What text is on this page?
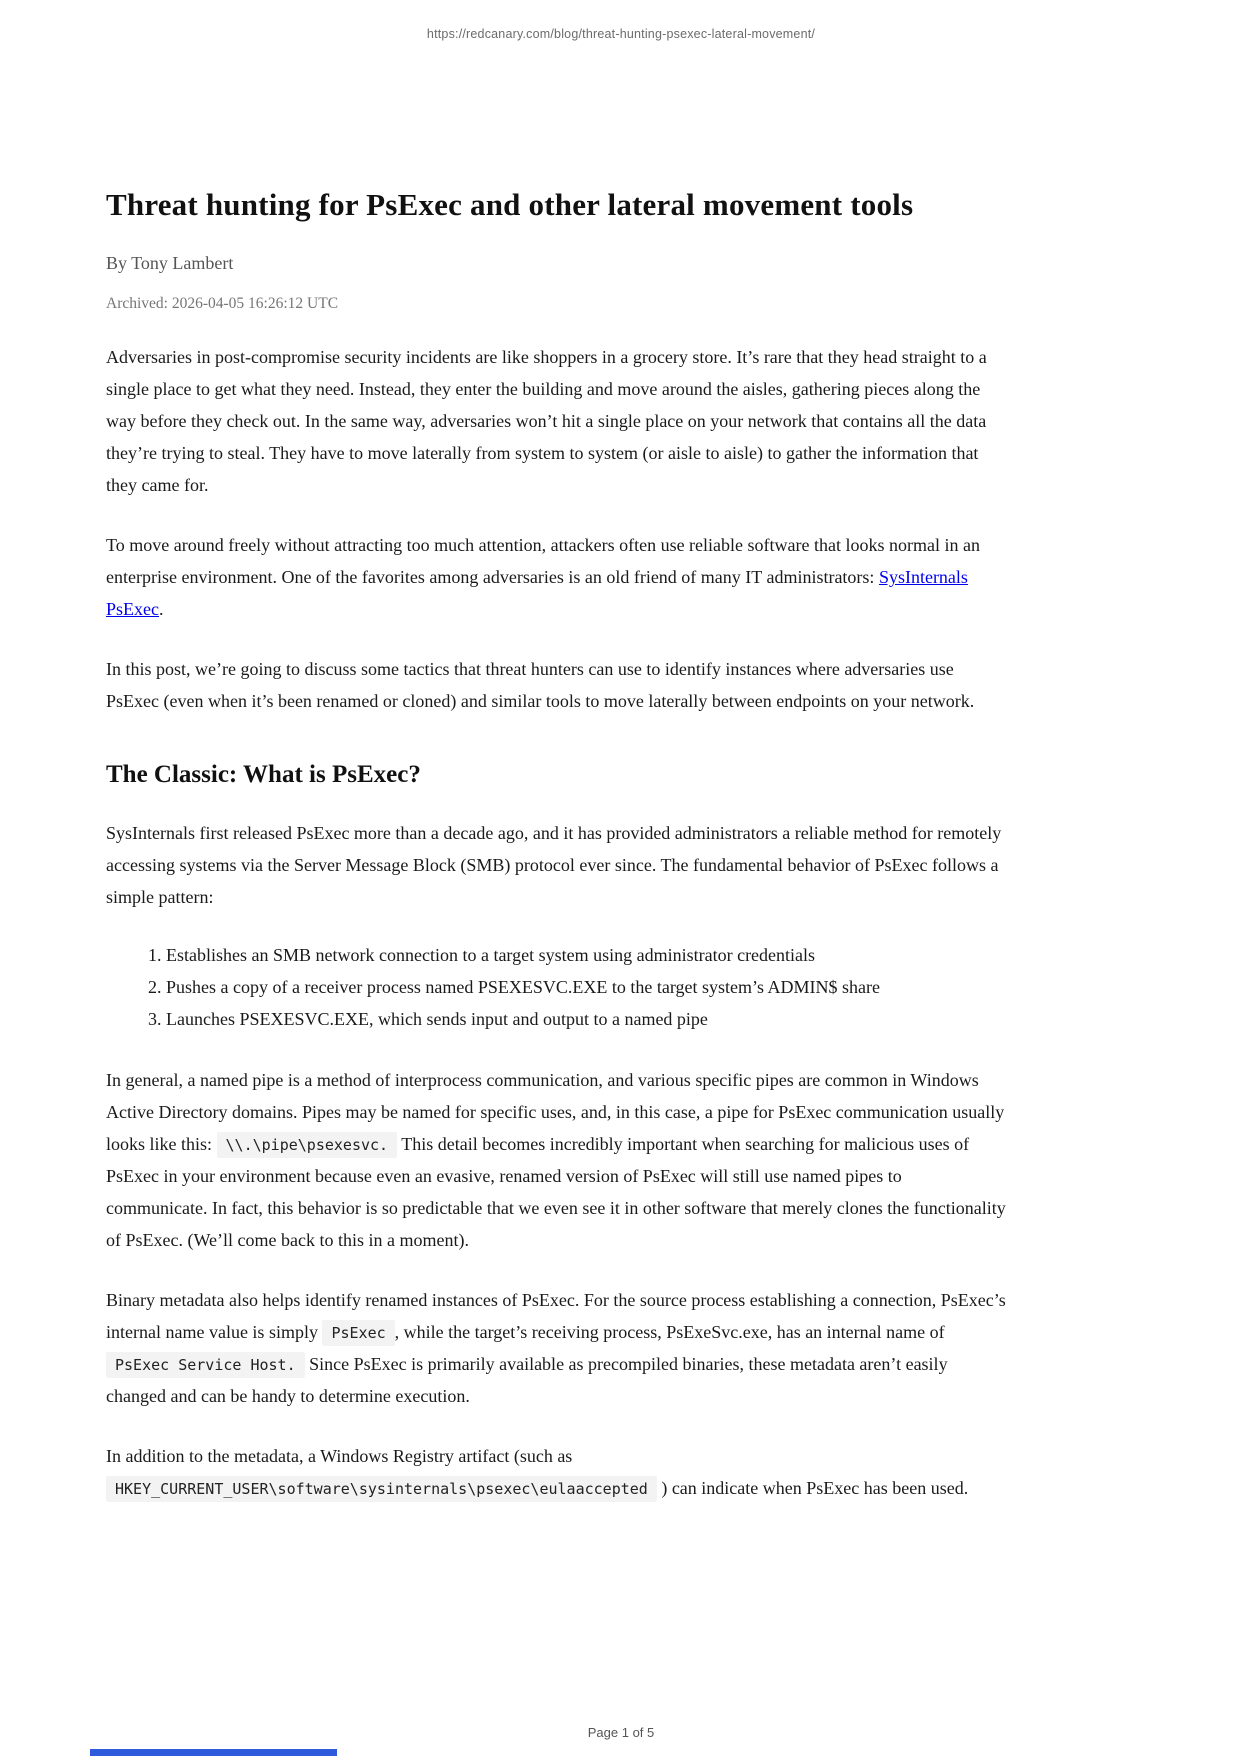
https://redcanary.com/blog/threat-hunting-psexec-lateral-movement/
Threat hunting for PsExec and other lateral movement tools
By Tony Lambert
Archived: 2026-04-05 16:26:12 UTC

Adversaries in post-compromise security incidents are like shoppers in a grocery store. It’s rare that they head straight to a single place to get what they need. Instead, they enter the building and move around the aisles, gathering pieces along the way before they check out. In the same way, adversaries won’t hit a single place on your network that contains all the data they’re trying to steal. They have to move laterally from system to system (or aisle to aisle) to gather the information that they came for.

To move around freely without attracting too much attention, attackers often use reliable software that looks normal in an enterprise environment. One of the favorites among adversaries is an old friend of many IT administrators: SysInternals PsExec.

In this post, we’re going to discuss some tactics that threat hunters can use to identify instances where adversaries use PsExec (even when it’s been renamed or cloned) and similar tools to move laterally between endpoints on your network.

The Classic: What is PsExec?

SysInternals first released PsExec more than a decade ago, and it has provided administrators a reliable method for remotely accessing systems via the Server Message Block (SMB) protocol ever since. The fundamental behavior of PsExec follows a simple pattern:

1. Establishes an SMB network connection to a target system using administrator credentials
2. Pushes a copy of a receiver process named PSEXESVC.EXE to the target system’s ADMIN$ share
3. Launches PSEXESVC.EXE, which sends input and output to a named pipe

In general, a named pipe is a method of interprocess communication, and various specific pipes are common in Windows Active Directory domains. Pipes may be named for specific uses, and, in this case, a pipe for PsExec communication usually looks like this: \\.\pipe\psexesvc. This detail becomes incredibly important when searching for malicious uses of PsExec in your environment because even an evasive, renamed version of PsExec will still use named pipes to communicate. In fact, this behavior is so predictable that we even see it in other software that merely clones the functionality of PsExec. (We’ll come back to this in a moment).

Binary metadata also helps identify renamed instances of PsExec. For the source process establishing a connection, PsExec’s internal name value is simply PsExec , while the target’s receiving process, PsExeSvc.exe, has an internal name of PsExec Service Host. Since PsExec is primarily available as precompiled binaries, these metadata aren’t easily changed and can be handy to determine execution.

In addition to the metadata, a Windows Registry artifact (such as HKEY_CURRENT_USER\software\sysinternals\psexec\eulaaccepted ) can indicate when PsExec has been used.

Page 1 of 5
